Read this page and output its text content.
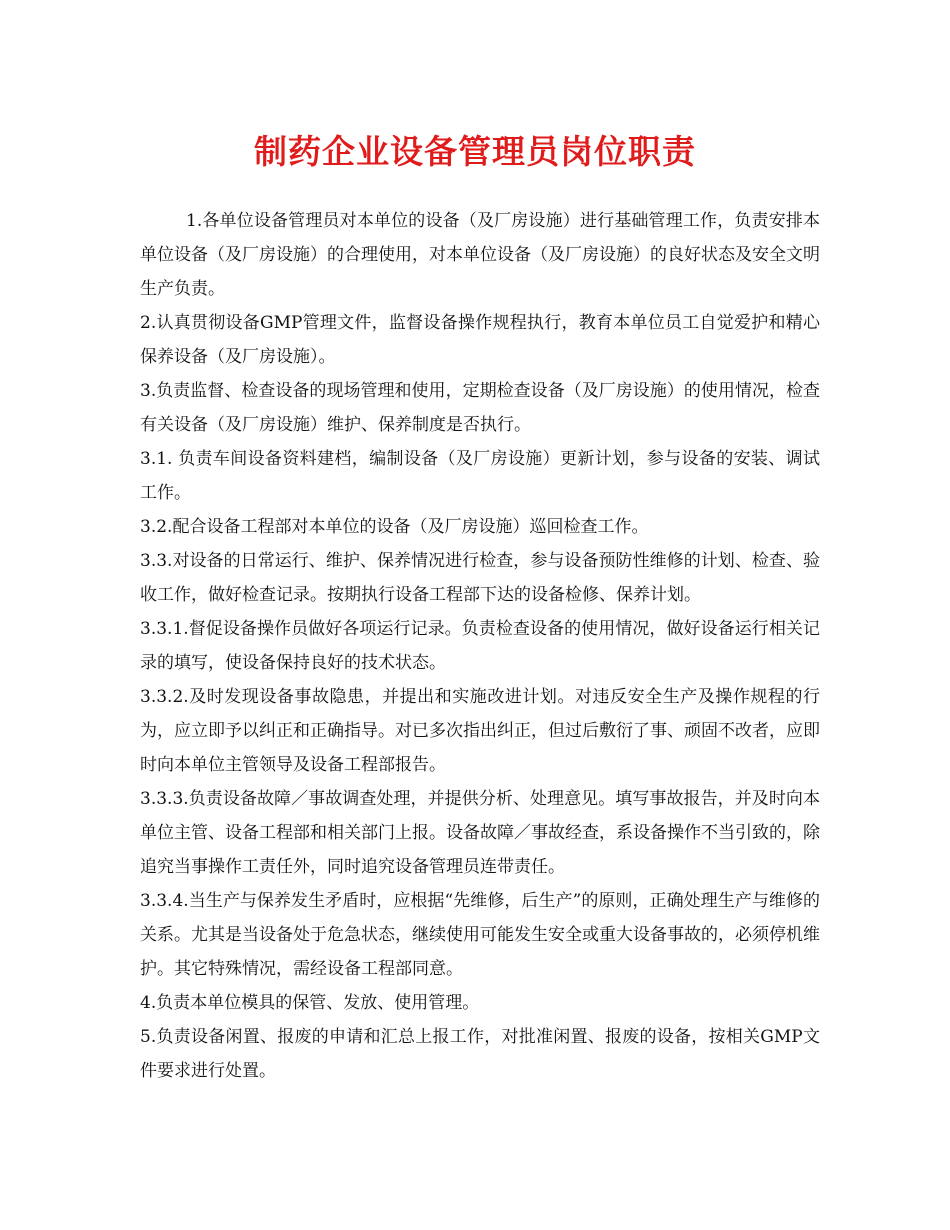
制药企业设备管理员岗位职责

1.各单位设备管理员对本单位的设备（及厂房设施）进行基础管理工作，负责安排本单位设备（及厂房设施）的合理使用，对本单位设备（及厂房设施）的良好状态及安全文明生产负责。

2.认真贯彻设备GMP管理文件，监督设备操作规程执行，教育本单位员工自觉爱护和精心保养设备（及厂房设施）。

3.负责监督、检查设备的现场管理和使用，定期检查设备（及厂房设施）的使用情况，检查有关设备（及厂房设施）维护、保养制度是否执行。

3.1. 负责车间设备资料建档，编制设备（及厂房设施）更新计划，参与设备的安装、调试工作。

3.2.配合设备工程部对本单位的设备（及厂房设施）巡回检查工作。

3.3.对设备的日常运行、维护、保养情况进行检查，参与设备预防性维修的计划、检查、验收工作，做好检查记录。按期执行设备工程部下达的设备检修、保养计划。

3.3.1.督促设备操作员做好各项运行记录。负责检查设备的使用情况，做好设备运行相关记录的填写，使设备保持良好的技术状态。

3.3.2.及时发现设备事故隐患，并提出和实施改进计划。对违反安全生产及操作规程的行为，应立即予以纠正和正确指导。对已多次指出纠正，但过后敷衍了事、顽固不改者，应即时向本单位主管领导及设备工程部报告。

3.3.3.负责设备故障／事故调查处理，并提供分析、处理意见。填写事故报告，并及时向本单位主管、设备工程部和相关部门上报。设备故障／事故经查，系设备操作不当引致的，除追究当事操作工责任外，同时追究设备管理员连带责任。

3.3.4.当生产与保养发生矛盾时，应根据“先维修，后生产”的原则，正确处理生产与维修的关系。尤其是当设备处于危急状态，继续使用可能发生安全或重大设备事故的，必须停机维护。其它特殊情况，需经设备工程部同意。

4.负责本单位模具的保管、发放、使用管理。

5.负责设备闲置、报废的申请和汇总上报工作，对批准闲置、报废的设备，按相关GMP文件要求进行处置。
